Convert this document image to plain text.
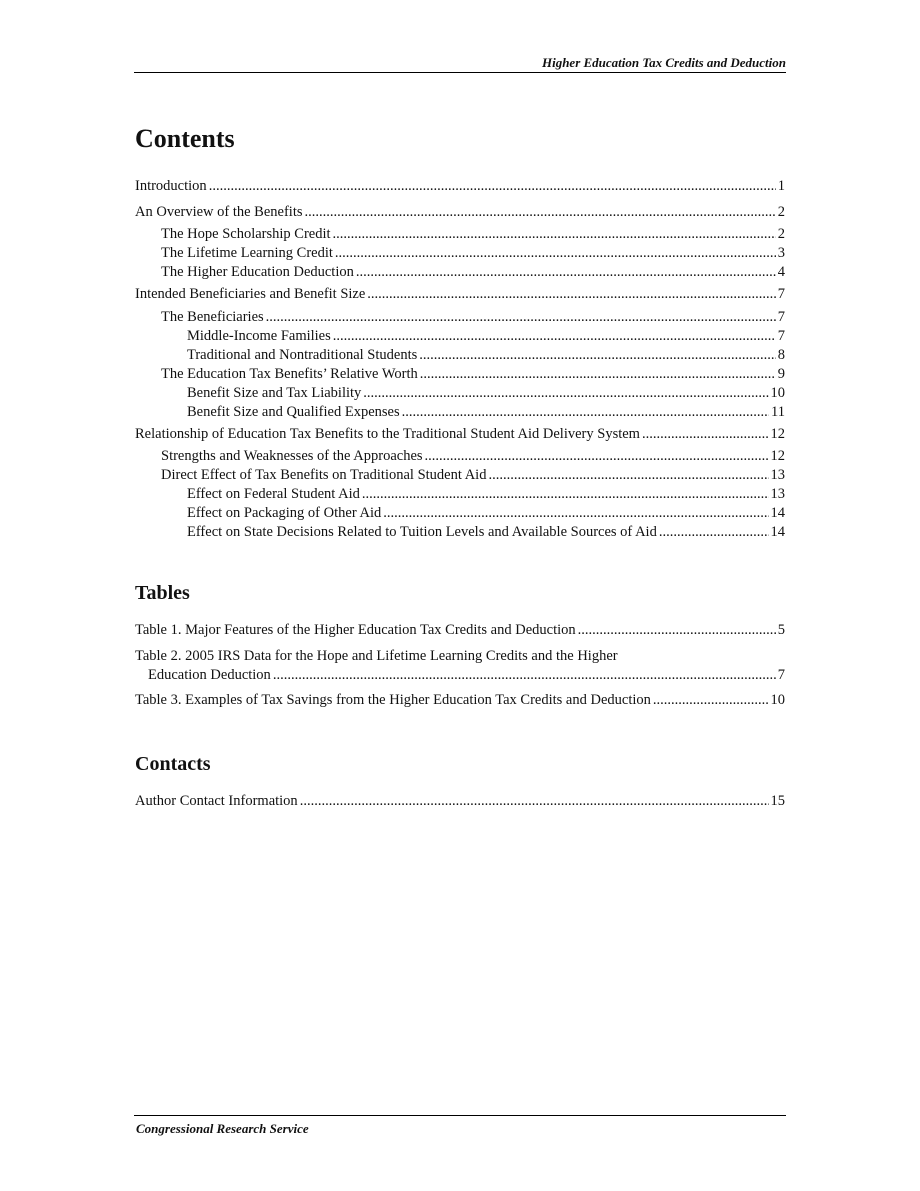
Higher Education Tax Credits and Deduction
Contents
Introduction .....	1
An Overview of the Benefits .....	2
The Hope Scholarship Credit .....	2
The Lifetime Learning Credit .....	3
The Higher Education Deduction .....	4
Intended Beneficiaries and Benefit Size .....	7
The Beneficiaries .....	7
Middle-Income Families .....	7
Traditional and Nontraditional Students .....	8
The Education Tax Benefits’ Relative Worth .....	9
Benefit Size and Tax Liability .....	10
Benefit Size and Qualified Expenses .....	11
Relationship of Education Tax Benefits to the Traditional Student Aid Delivery System .....	12
Strengths and Weaknesses of the Approaches .....	12
Direct Effect of Tax Benefits on Traditional Student Aid .....	13
Effect on Federal Student Aid .....	13
Effect on Packaging of Other Aid .....	14
Effect on State Decisions Related to Tuition Levels and Available Sources of Aid .....	14
Tables
Table 1. Major Features of the Higher Education Tax Credits and Deduction .....	5
Table 2. 2005 IRS Data for the Hope and Lifetime Learning Credits and the Higher
Education Deduction .....	7
Table 3. Examples of Tax Savings from the Higher Education Tax Credits and Deduction .....	10
Contacts
Author Contact Information .....	15
Congressional Research Service
